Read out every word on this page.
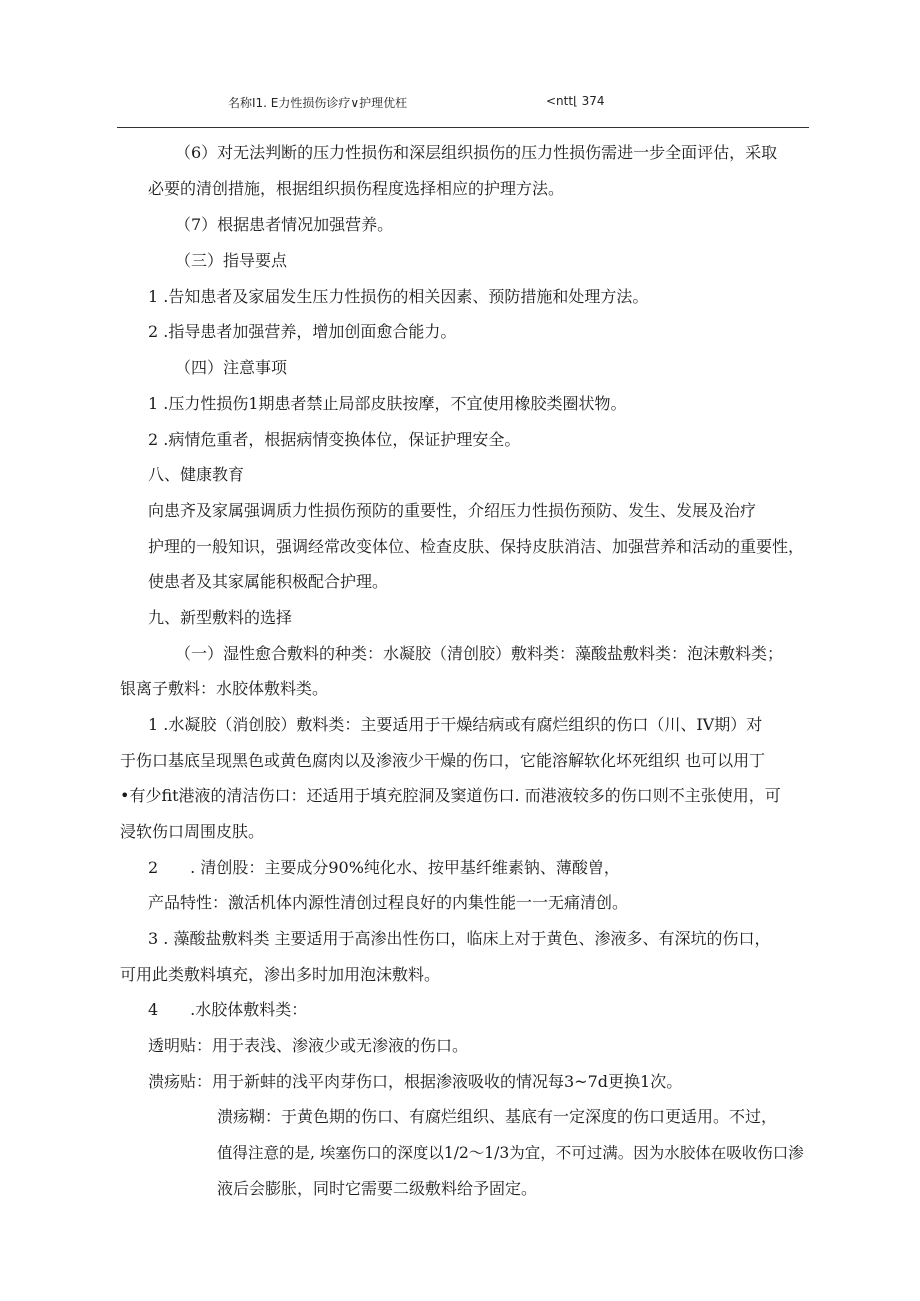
名称I1. E力性损伤诊疗∨护理优枉	<ntt⌊ 374
（6）对无法判断的压力性损伤和深层组织损伤的压力性损伤需进一步全面评估，采取
必要的清创措施，根据组织损伤程度选择相应的护理方法。
（7）根据患者情况加强营养。
（三）指导要点
1 .告知患者及家届发生压力性损伤的相关因素、预防措施和处理方法。
2 .指导患者加强营养，增加创面愈合能力。
（四）注意事项
1 .压力性损伤1期患者禁止局部皮肤按摩，不宜使用橡胶类圈状物。
2 .病情危重者，根据病情变换体位，保证护理安全。
八、健康教育
向患齐及家属强调质力性损伤预防的重要性，介绍压力性损伤预防、发生、发展及治疗
护理的一般知识，强调经常改变体位、检查皮肤、保持皮肤消洁、加强营养和活动的重要性，
使患者及其家属能积极配合护理。
九、新型敷料的选择
（一）湿性愈合敷料的种类：水凝胶（清创胶）敷料类：藻酸盐敷料类：泡沫敷料类；
银离子敷料：水胶体敷料类。
1 .水凝胶（消创胶）敷料类：主要适用于干燥结病或有腐烂组织的伤口（川、IV期）对
于伤口基底呈现黑色或黄色腐肉以及渗液少干燥的伤口，它能溶解软化坏死组织 也可以用丁
•有少fit港液的清洁伤口：还适用于填充腔洞及窦道伤口. 而港液较多的伤口则不主张使用，可
浸软伤口周围皮肤。
2　　. 清创股：主要成分90%纯化水、按甲基纤维素钠、薄酸曽，
产品特性：激活机体内源性清创过程良好的内集性能一一无痛清创。
3 . 藻酸盐敷料类 主要适用于高渗出性伤口，临床上对于黄色、渗液多、有深坑的伤口，
可用此类敷料填充，渗出多时加用泡沫敷料。
4　　.水胶体敷料类：
透明贴：用于表浅、渗液少或无渗液的伤口。
溃疡贴：用于新蚌的浅平肉芽伤口，根据渗液吸收的情况每3~7d更换1次。
溃疡糊：于黄色期的伤口、有腐烂组织、基底有一定深度的伤口更适用。不过，
值得注意的是, 埃塞伤口的深度以1/2～1/3为宜，不可过满。因为水胶体在吸收伤口渗
液后会膨胀，同时它需要二级敷料给予固定。
